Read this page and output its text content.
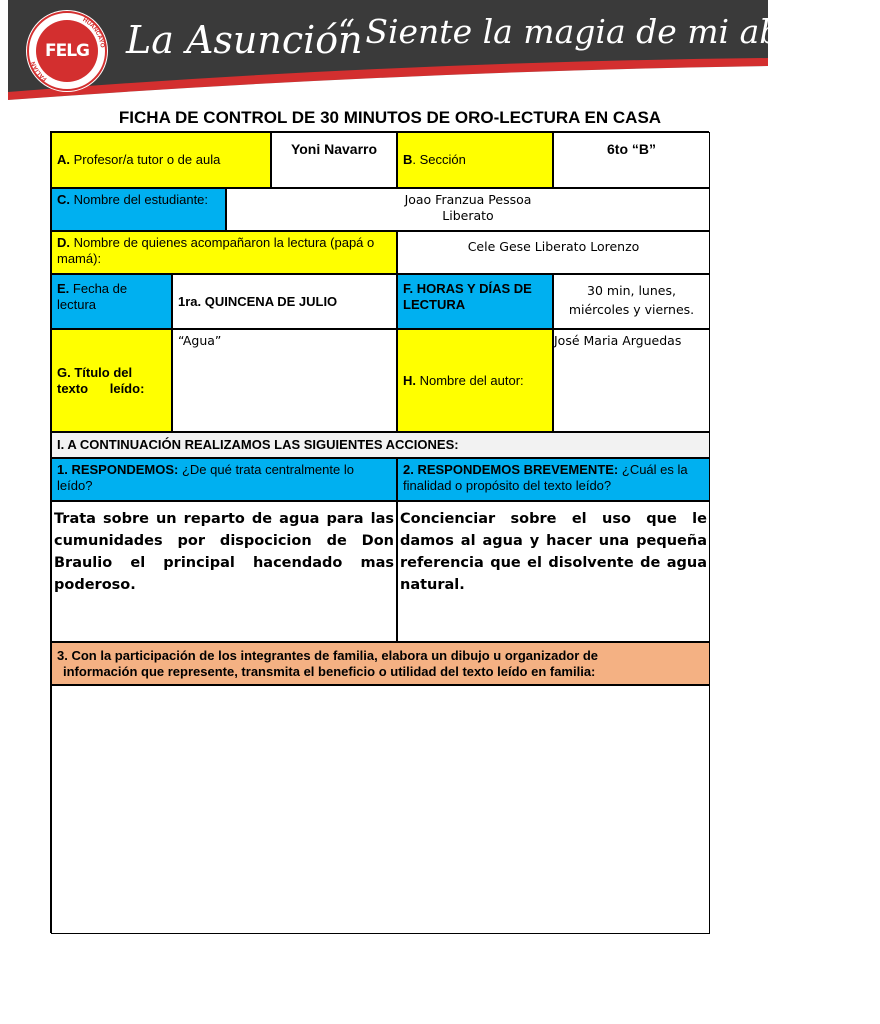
FALIAN
HUANCAYO
FELG La Asunción
“ Siente la magia de mi abrazo ”
FICHA DE CONTROL DE 30 MINUTOS DE ORO-LECTURA EN CASA
A. Profesor/a tutor o de aula
Yoni Navarro
B. Sección
6to “B”
C. Nombre del estudiante:	Joao Franzua Pessoa
Liberato
D. Nombre de quienes acompañaron la lectura (papá o mamá):
Cele Gese Liberato Lorenzo
E. Fecha de lectura	1ra. QUINCENA DE JULIO
F. HORAS Y DÍAS DE LECTURA
30 min, lunes,
miércoles y viernes.
G. Título del
texto      leído:
“Agua”
H. Nombre del autor:
José Maria Arguedas
I. A CONTINUACIÓN REALIZAMOS LAS SIGUIENTES ACCIONES:
1. RESPONDEMOS: ¿De qué trata centralmente lo leído?
2. RESPONDEMOS BREVEMENTE: ¿Cuál es la finalidad o propósito del texto leído?
Trata sobre un reparto de agua para las cumunidades por dispocicion de Don Braulio el principal hacendado mas poderoso.
Concienciar sobre el uso que le damos al agua y hacer una pequeña referencia que el disolvente de agua natural.
3. Con la participación de los integrantes de familia, elabora un dibujo u organizador de
información que represente, transmita el beneficio o utilidad del texto leído en familia:
